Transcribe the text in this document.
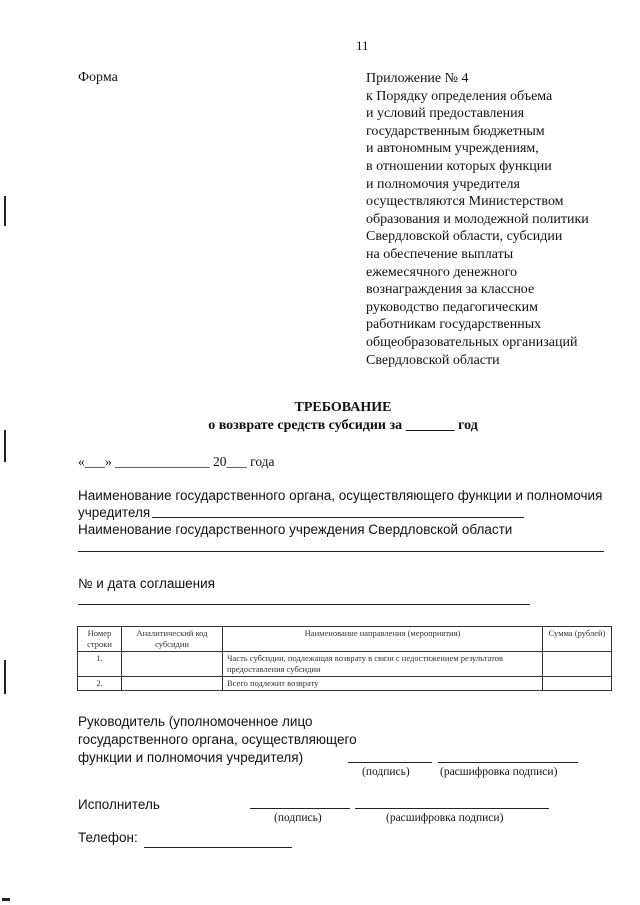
11
Форма	Приложение № 4
к Порядку определения объема
и условий предоставления
государственным бюджетным
и автономным учреждениям,
в отношении которых функции
и полномочия учредителя
осуществляются Министерством
образования и молодежной политики
Свердловской области, субсидии
на обеспечение выплаты
ежемесячного денежного
вознаграждения за классное
руководство педагогическим
работникам государственных
общеобразовательных организаций
Свердловской области
ТРЕБОВАНИЕ
о возврате средств субсидии за _______ год
«___» ______________ 20___ года
Наименование государственного органа, осуществляющего функции и полномочия
учредителя
Наименование государственного учреждения Свердловской области
№ и дата соглашения
Номер строки	Аналитический код субсидии	Наименование направления (мероприятия)	Сумма (рублей)
1.		Часть субсидии, подлежащая возврату в связи с недостижением результатов предоставления субсидии	
2.		Всего подлежит возврату	
Руководитель (уполномоченное лицо
государственного органа, осуществляющего
функции и полномочия учредителя)
(подпись)	(расшифровка подписи)
Исполнитель
(подпись)	(расшифровка подписи)
Телефон:
